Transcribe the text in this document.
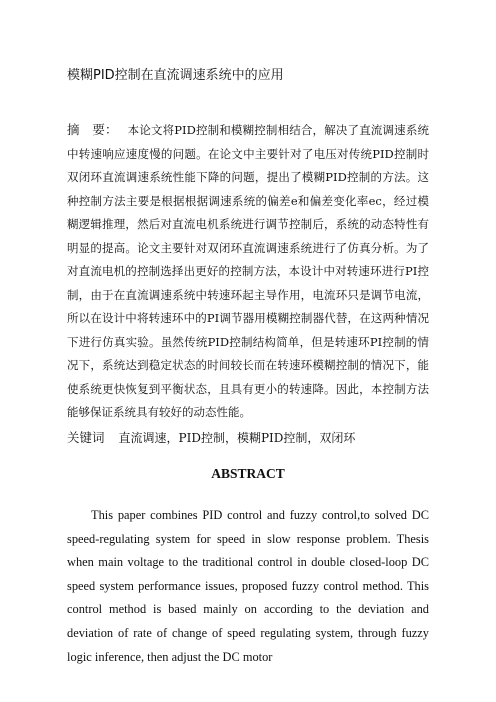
模糊PID控制在直流调速系统中的应用
摘　要： 本论文将PID控制和模糊控制相结合，解决了直流调速系统中转速响应速度慢的问题。在论文中主要针对了电压对传统PID控制时双闭环直流调速系统性能下降的问题，提出了模糊PID控制的方法。这种控制方法主要是根据根据调速系统的偏差e和偏差变化率ec，经过模糊逻辑推理，然后对直流电机系统进行调节控制后，系统的动态特性有明显的提高。论文主要针对双闭环直流调速系统进行了仿真分析。为了对直流电机的控制选择出更好的控制方法，本设计中对转速环进行PI控制，由于在直流调速系统中转速环起主导作用，电流环只是调节电流，所以在设计中将转速环中的PI调节器用模糊控制器代替，在这两种情况下进行仿真实验。虽然传统PID控制结构简单，但是转速环PI控制的情况下，系统达到稳定状态的时间较长而在转速环模糊控制的情况下，能使系统更快恢复到平衡状态，且具有更小的转速降。因此，本控制方法能够保证系统具有较好的动态性能。
关键词 直流调速，PID控制，模糊PID控制，双闭环
ABSTRACT
This paper combines PID control and fuzzy control,to solved DC speed-regulating system for speed in slow response problem. Thesis when main voltage to the traditional control in double closed-loop DC speed system performance issues, proposed fuzzy control method. This control method is based mainly on according to the deviation and deviation of rate of change of speed regulating system, through fuzzy logic inference, then adjust the DC motor
